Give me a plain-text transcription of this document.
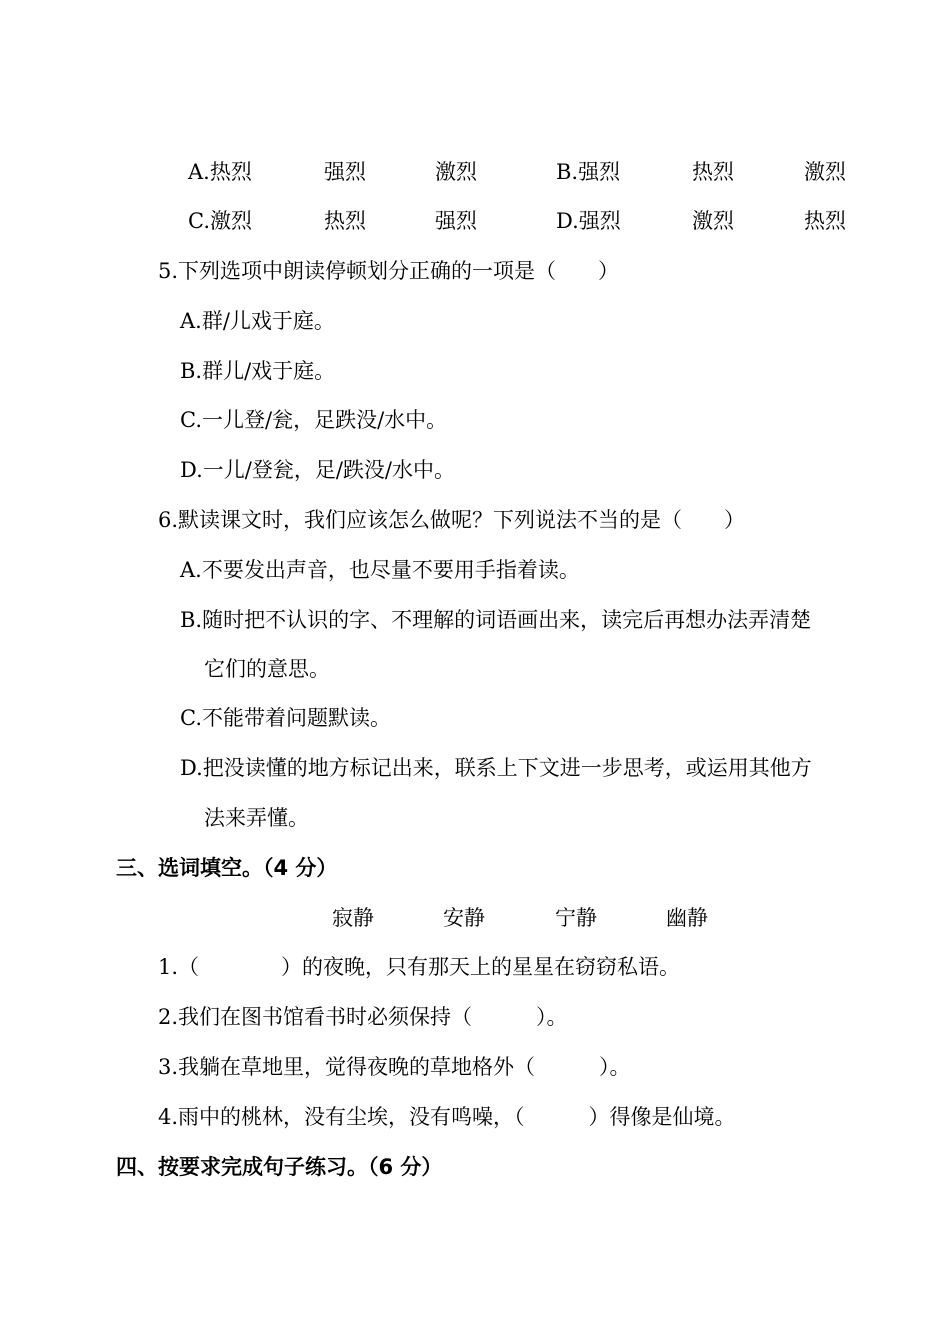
A.热烈	强烈	激烈	B.强烈	热烈	激烈
C.激烈	热烈	强烈	D.强烈	激烈	热烈
5.下列选项中朗读停顿划分正确的一项是（　　）
A.群/儿戏于庭。
B.群儿/戏于庭。
C.一儿登/瓮，足跌没/水中。
D.一儿/登瓮，足/跌没/水中。
6.默读课文时，我们应该怎么做呢？下列说法不当的是（　　）
A.不要发出声音，也尽量不要用手指着读。
B.随时把不认识的字、不理解的词语画出来，读完后再想办法弄清楚
它们的意思。
C.不能带着问题默读。
D.把没读懂的地方标记出来，联系上下文进一步思考，或运用其他方
法来弄懂。
三、选词填空。（4 分）
寂静	安静	宁静	幽静
1.（	）的夜晚，只有那天上的星星在窃窃私语。
2.我们在图书馆看书时必须保持（	）。
3.我躺在草地里，觉得夜晚的草地格外（	）。
4.雨中的桃林，没有尘埃，没有鸣噪，（	）得像是仙境。
四、按要求完成句子练习。（6 分）
